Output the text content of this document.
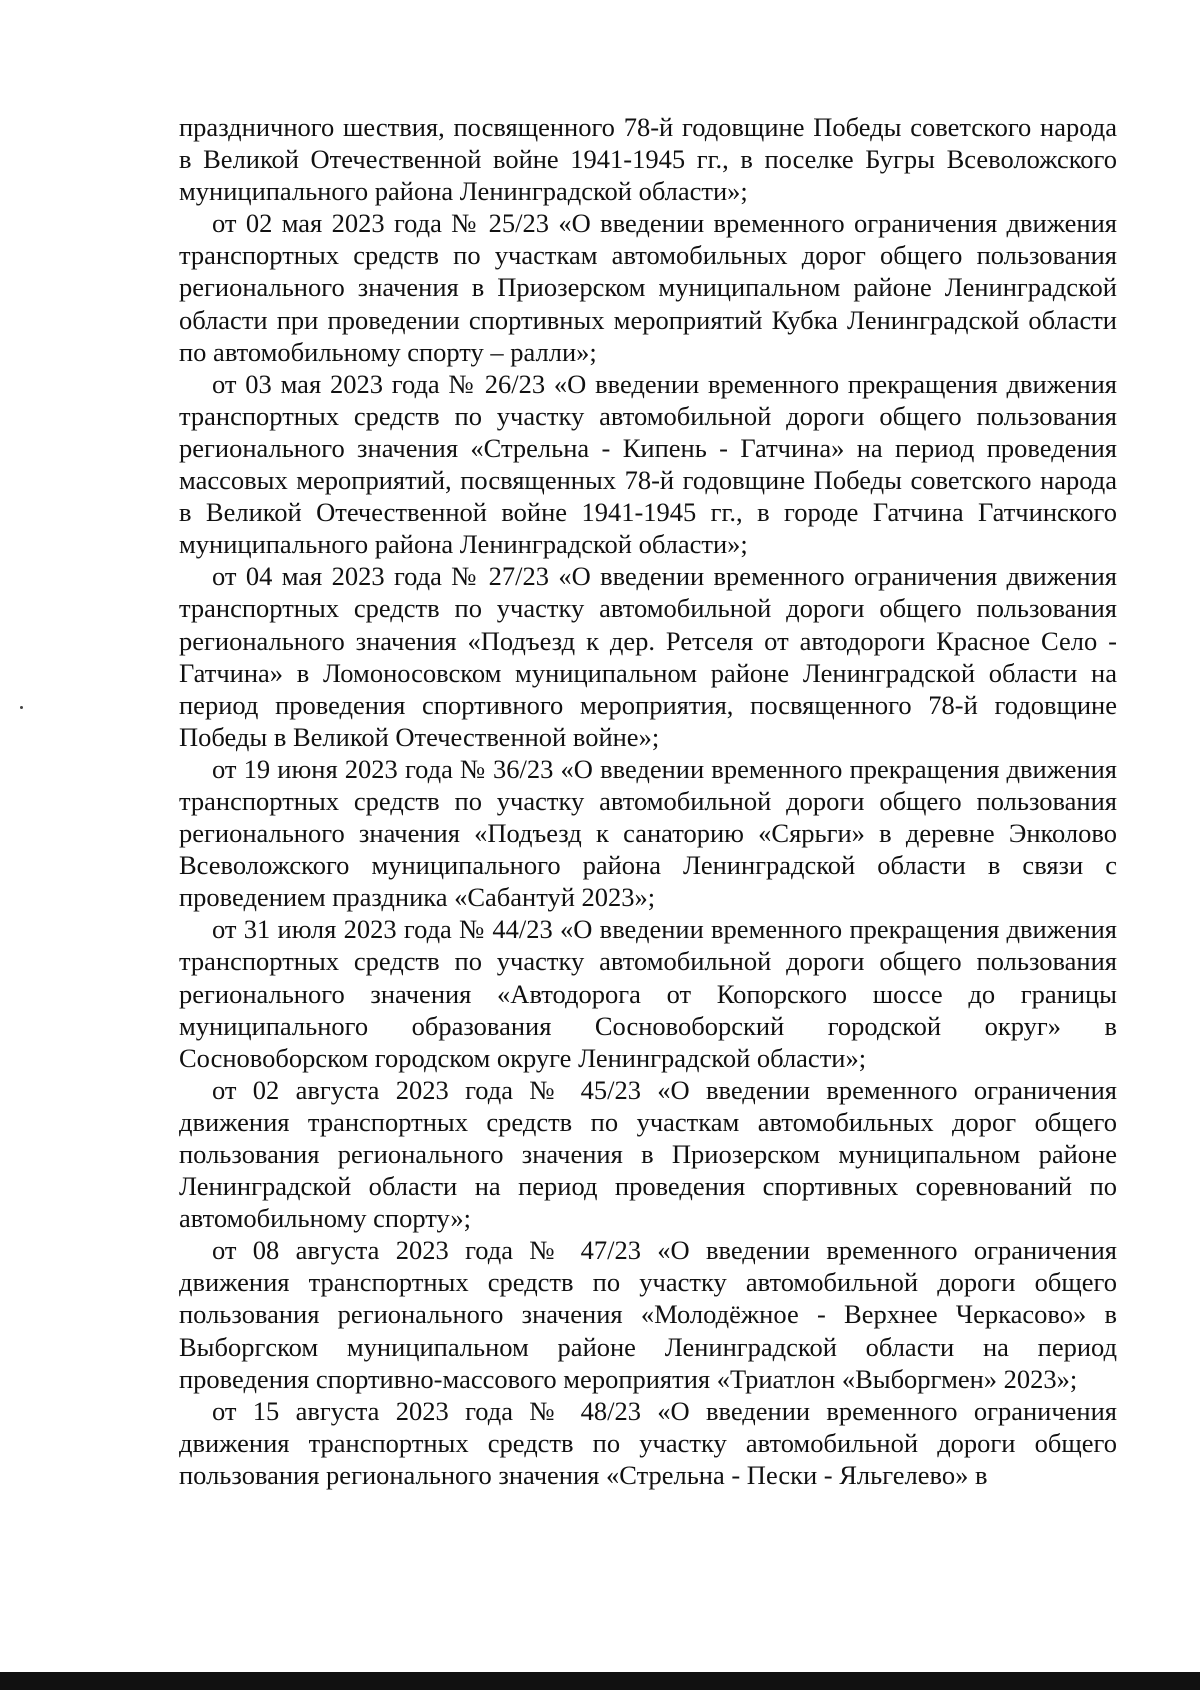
праздничного шествия, посвященного 78-й годовщине Победы советского народа в Великой Отечественной войне 1941-1945 гг., в поселке Бугры Всеволожского муниципального района Ленинградской области»;

от 02 мая 2023 года № 25/23 «О введении временного ограничения движения транспортных средств по участкам автомобильных дорог общего пользования регионального значения в Приозерском муниципальном районе Ленинградской области при проведении спортивных мероприятий Кубка Ленинградской области по автомобильному спорту – ралли»;

от 03 мая 2023 года № 26/23 «О введении временного прекращения движения транспортных средств по участку автомобильной дороги общего пользования регионального значения «Стрельна - Кипень - Гатчина» на период проведения массовых мероприятий, посвященных 78-й годовщине Победы советского народа в Великой Отечественной войне 1941-1945 гг., в городе Гатчина Гатчинского муниципального района Ленинградской области»;

от 04 мая 2023 года № 27/23 «О введении временного ограничения движения транспортных средств по участку автомобильной дороги общего пользования регионального значения «Подъезд к дер. Ретселя от автодороги Красное Село - Гатчина» в Ломоносовском муниципальном районе Ленинградской области на период проведения спортивного мероприятия, посвященного 78-й годовщине Победы в Великой Отечественной войне»;

от 19 июня 2023 года № 36/23 «О введении временного прекращения движения транспортных средств по участку автомобильной дороги общего пользования регионального значения «Подъезд к санаторию «Сярьги» в деревне Энколово Всеволожского муниципального района Ленинградской области в связи с проведением праздника «Сабантуй 2023»;

от 31 июля 2023 года № 44/23 «О введении временного прекращения движения транспортных средств по участку автомобильной дороги общего пользования регионального значения «Автодорога от Копорского шоссе до границы муниципального образования Сосновоборский городской округ» в Сосновоборском городском округе Ленинградской области»;

от 02 августа 2023 года № 45/23 «О введении временного ограничения движения транспортных средств по участкам автомобильных дорог общего пользования регионального значения в Приозерском муниципальном районе Ленинградской области на период проведения спортивных соревнований по автомобильному спорту»;

от 08 августа 2023 года № 47/23 «О введении временного ограничения движения транспортных средств по участку автомобильной дороги общего пользования регионального значения «Молодёжное - Верхнее Черкасово» в Выборгском муниципальном районе Ленинградской области на период проведения спортивно-массового мероприятия «Триатлон «Выборгмен» 2023»;

от 15 августа 2023 года № 48/23 «О введении временного ограничения движения транспортных средств по участку автомобильной дороги общего пользования регионального значения «Стрельна - Пески - Яльгелево» в
